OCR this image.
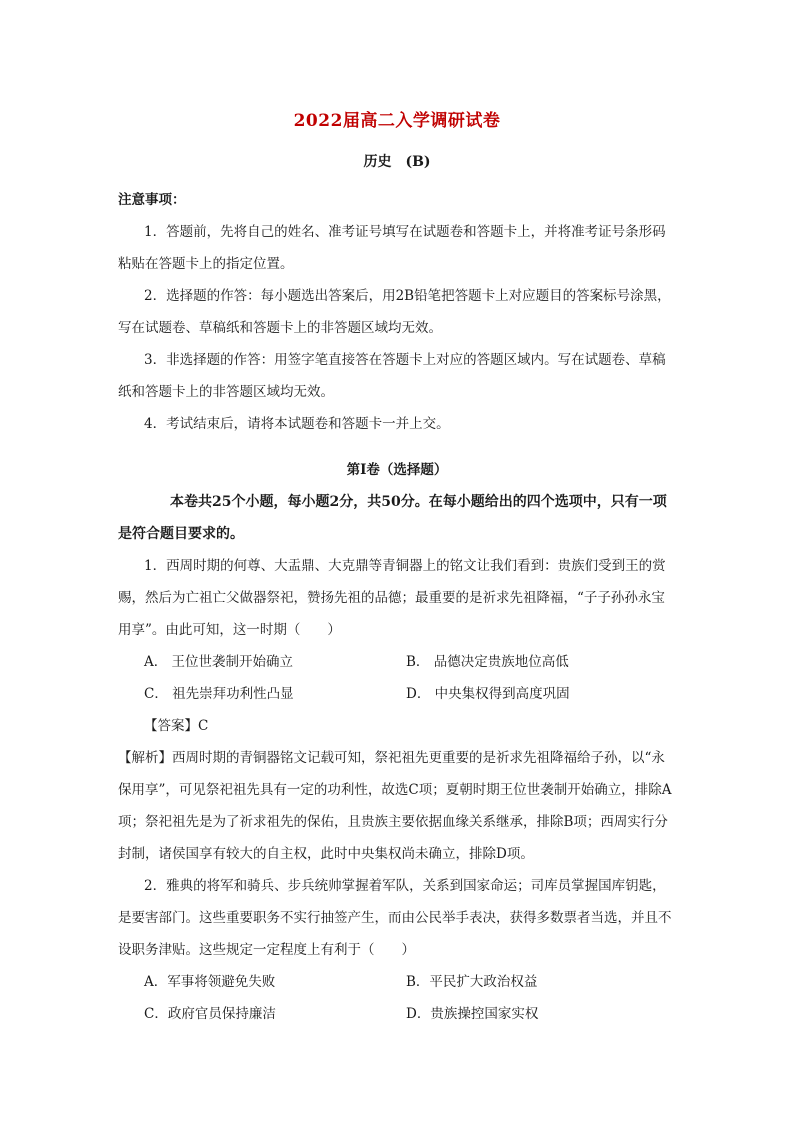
2022届高二入学调研试卷
历史　(B)

注意事项：

1．答题前，先将自己的姓名、准考证号填写在试题卷和答题卡上，并将准考证号条形码粘贴在答题卡上的指定位置。

2．选择题的作答：每小题选出答案后，用2B铅笔把答题卡上对应题目的答案标号涂黑，写在试题卷、草稿纸和答题卡上的非答题区域均无效。

3．非选择题的作答：用签字笔直接答在答题卡上对应的答题区域内。写在试题卷、草稿纸和答题卡上的非答题区域均无效。

4．考试结束后，请将本试题卷和答题卡一并上交。

第Ⅰ卷（选择题）

本卷共25个小题，每小题2分，共50分。在每小题给出的四个选项中，只有一项是符合题目要求的。

1．西周时期的何尊、大盂鼎、大克鼎等青铜器上的铭文让我们看到：贵族们受到王的赏赐，然后为亡祖亡父做器祭祀，赞扬先祖的品德；最重要的是祈求先祖降福，“子子孙孙永宝用享”。由此可知，这一时期（　　）

A． 王位世袭制开始确立	B． 品德决定贵族地位高低
C． 祖先崇拜功利性凸显	D． 中央集权得到高度巩固

【答案】C

【解析】西周时期的青铜器铭文记载可知，祭祀祖先更重要的是祈求先祖降福给子孙，以“永保用享”，可见祭祀祖先具有一定的功利性，故选C项；夏朝时期王位世袭制开始确立，排除A项；祭祀祖先是为了祈求祖先的保佑，且贵族主要依据血缘关系继承，排除B项；西周实行分封制，诸侯国享有较大的自主权，此时中央集权尚未确立，排除D项。

2．雅典的将军和骑兵、步兵统帅掌握着军队，关系到国家命运；司库员掌握国库钥匙，是要害部门。这些重要职务不实行抽签产生，而由公民举手表决，获得多数票者当选，并且不设职务津贴。这些规定一定程度上有利于（　　）

A．军事将领避免失败	B．平民扩大政治权益
C．政府官员保持廉洁	D．贵族操控国家实权
